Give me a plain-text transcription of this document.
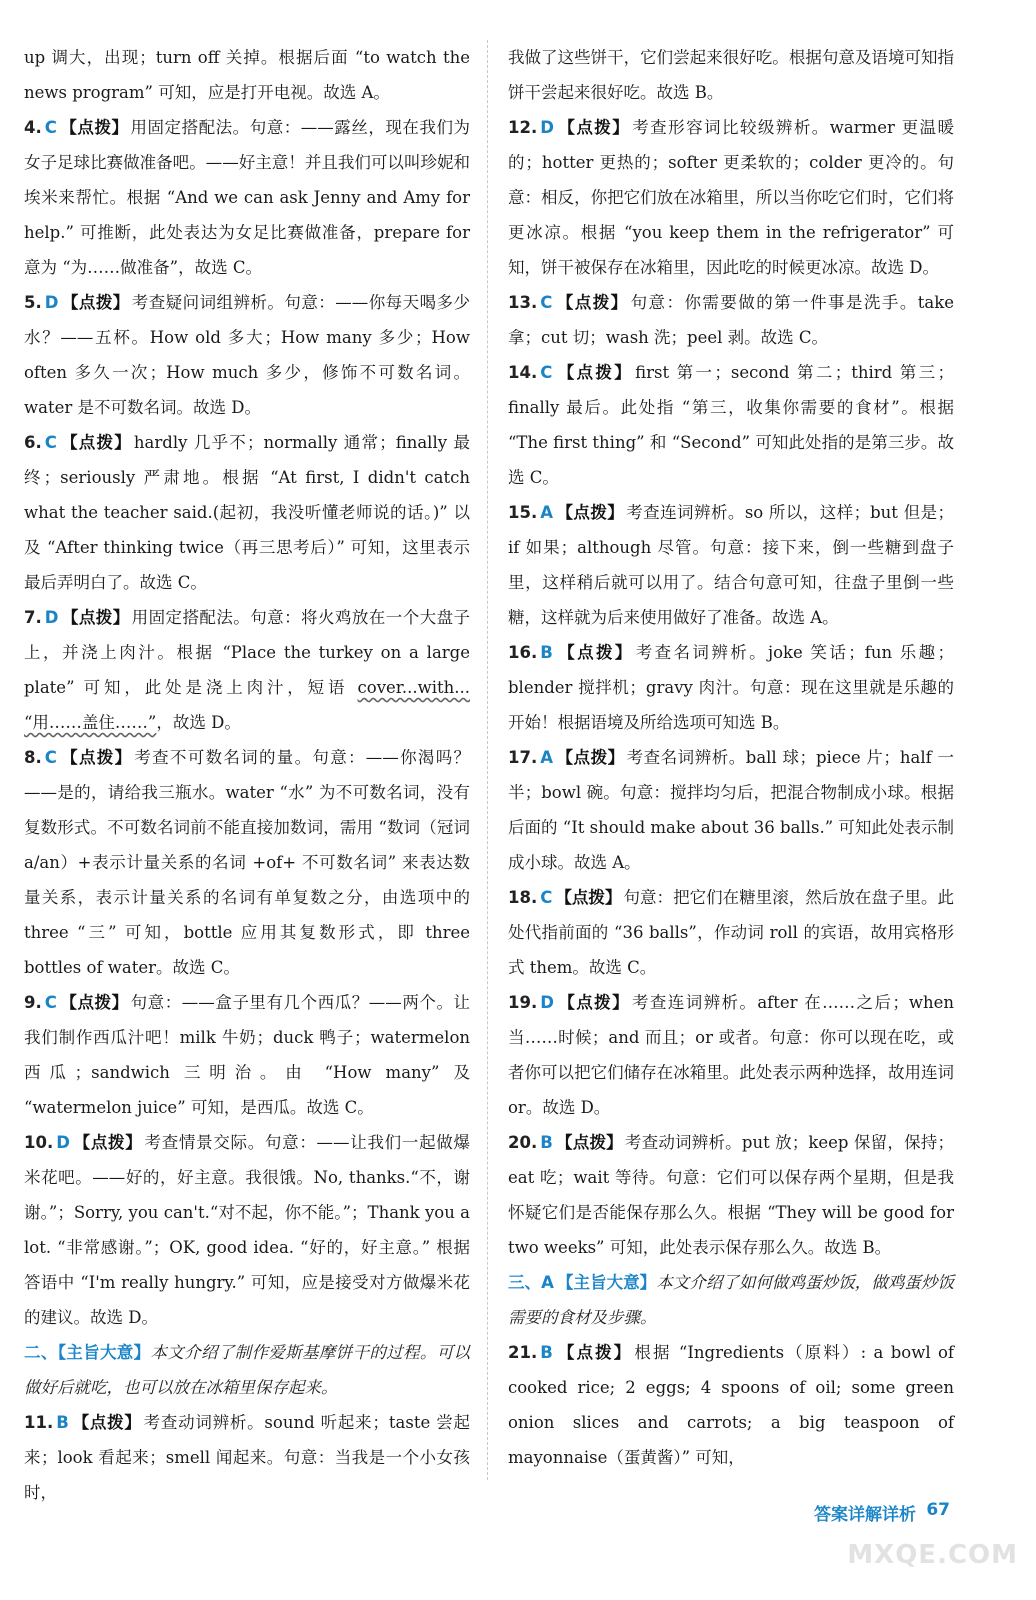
up 调大，出现；turn off 关掉。根据后面 “to watch the news program” 可知，应是打开电视。故选 A。

4. C 【点拨】 用固定搭配法。句意：——露丝，现在我们为女子足球比赛做准备吧。——好主意！并且我们可以叫珍妮和埃米来帮忙。根据 “And we can ask Jenny and Amy for help.” 可推断，此处表达为女足比赛做准备，prepare for 意为 “为……做准备”，故选 C。

5. D 【点拨】 考查疑问词组辨析。句意：——你每天喝多少水？——五杯。How old 多大；How many 多少；How often 多久一次；How much 多少，修饰不可数名词。water 是不可数名词。故选 D。

6. C 【点拨】 hardly 几乎不；normally 通常；finally 最终；seriously 严肃地。根据 “At first, I didn't catch what the teacher said.(起初，我没听懂老师说的话。)” 以及 “After thinking twice（再三思考后）” 可知，这里表示最后弄明白了。故选 C。

7. D 【点拨】 用固定搭配法。句意：将火鸡放在一个大盘子上，并浇上肉汁。根据 “Place the turkey on a large plate” 可知，此处是浇上肉汁，短语 cover...with... “用……盖住……”，故选 D。

8. C 【点拨】 考查不可数名词的量。句意：——你渴吗？——是的，请给我三瓶水。water “水” 为不可数名词，没有复数形式。不可数名词前不能直接加数词，需用 “数词（冠词 a/an）+表示计量关系的名词 +of+ 不可数名词” 来表达数量关系，表示计量关系的名词有单复数之分，由选项中的 three “三” 可知，bottle 应用其复数形式，即 three bottles of water。故选 C。

9. C 【点拨】 句意：——盒子里有几个西瓜？——两个。让我们制作西瓜汁吧！milk 牛奶；duck 鸭子；watermelon 西瓜；sandwich 三明治。由 “How many” 及 “watermelon juice” 可知，是西瓜。故选 C。

10. D 【点拨】 考查情景交际。句意：——让我们一起做爆米花吧。——好的，好主意。我很饿。No, thanks.“不，谢谢。”；Sorry, you can't.“对不起，你不能。”；Thank you a lot. “非常感谢。”；OK, good idea. “好的，好主意。” 根据答语中 “I'm really hungry.” 可知，应是接受对方做爆米花的建议。故选 D。

二、【主旨大意】本文介绍了制作爱斯基摩饼干的过程。可以做好后就吃，也可以放在冰箱里保存起来。

11. B 【点拨】 考查动词辨析。sound 听起来；taste 尝起来；look 看起来；smell 闻起来。句意：当我是一个小女孩时，

我做了这些饼干，它们尝起来很好吃。根据句意及语境可知指饼干尝起来很好吃。故选 B。

12. D 【点拨】 考查形容词比较级辨析。warmer 更温暖的；hotter 更热的；softer 更柔软的；colder 更冷的。句意：相反，你把它们放在冰箱里，所以当你吃它们时，它们将更冰凉。根据 “you keep them in the refrigerator” 可知，饼干被保存在冰箱里，因此吃的时候更冰凉。故选 D。

13. C 【点拨】 句意：你需要做的第一件事是洗手。take 拿；cut 切；wash 洗；peel 剥。故选 C。

14. C 【点拨】 first 第一；second 第二；third 第三；finally 最后。此处指 “第三，收集你需要的食材”。根据 “The first thing” 和 “Second” 可知此处指的是第三步。故选 C。

15. A 【点拨】 考查连词辨析。so 所以，这样；but 但是；if 如果；although 尽管。句意：接下来，倒一些糖到盘子里，这样稍后就可以用了。结合句意可知，往盘子里倒一些糖，这样就为后来使用做好了准备。故选 A。

16. B 【点拨】 考查名词辨析。joke 笑话；fun 乐趣；blender 搅拌机；gravy 肉汁。句意：现在这里就是乐趣的开始！根据语境及所给选项可知选 B。

17. A 【点拨】 考查名词辨析。ball 球；piece 片；half 一半；bowl 碗。句意：搅拌均匀后，把混合物制成小球。根据后面的 “It should make about 36 balls.” 可知此处表示制成小球。故选 A。

18. C 【点拨】 句意：把它们在糖里滚，然后放在盘子里。此处代指前面的 “36 balls”，作动词 roll 的宾语，故用宾格形式 them。故选 C。

19. D 【点拨】 考查连词辨析。after 在……之后；when 当……时候；and 而且；or 或者。句意：你可以现在吃，或者你可以把它们储存在冰箱里。此处表示两种选择，故用连词 or。故选 D。

20. B 【点拨】 考查动词辨析。put 放；keep 保留，保持；eat 吃；wait 等待。句意：它们可以保存两个星期，但是我怀疑它们是否能保存那么久。根据 “They will be good for two weeks” 可知，此处表示保存那么久。故选 B。

三、A 【主旨大意】本文介绍了如何做鸡蛋炒饭，做鸡蛋炒饭需要的食材及步骤。

21. B 【点拨】 根据 “Ingredients（原料）: a bowl of cooked rice; 2 eggs; 4 spoons of oil; some green onion slices and carrots; a big teaspoon of mayonnaise（蛋黄酱）” 可知，

答案详解详析 67
MXQE.COM
